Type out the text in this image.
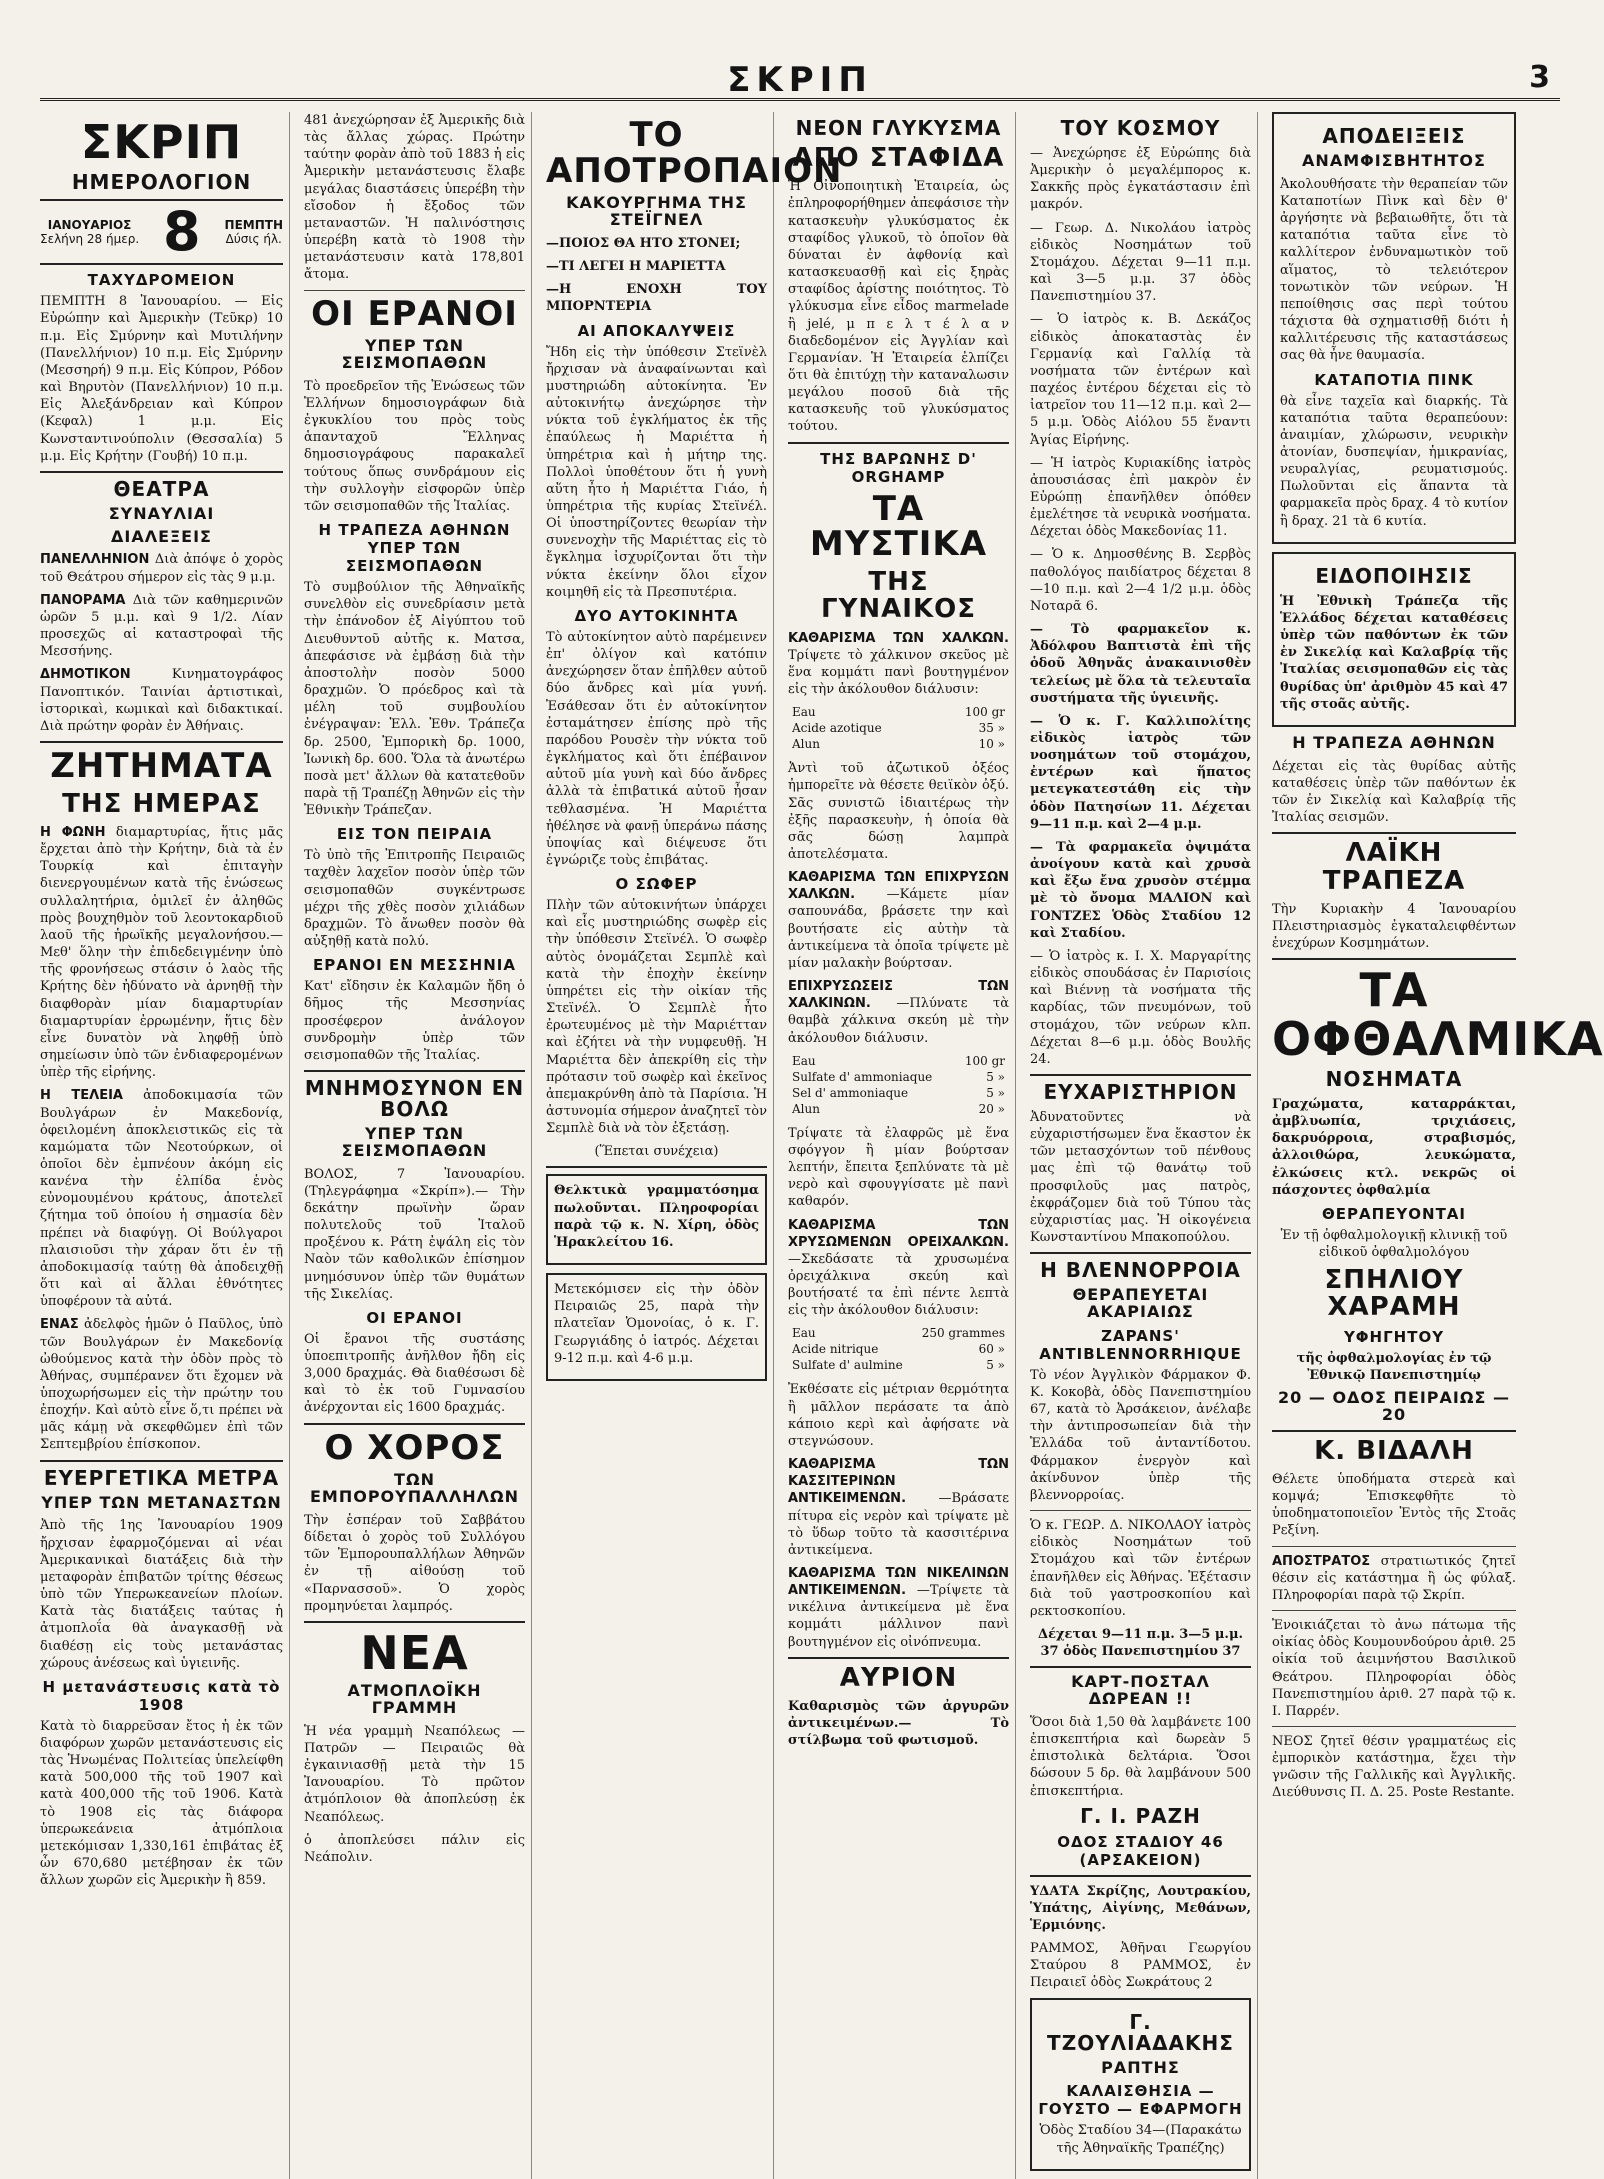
ΣΚΡΙΠ	3
ΣΚΡΙΠ
ΗΜΕΡΟΛΟΓΙΟΝ
ΙΑΝΟΥΑΡΙΟΣ
Σελήνη 28 ήμερ. 8 ΠΕΜΠΤΗ
Δύσις ήλ.
ΤΑΧΥΔΡΟΜΕΙΟΝ

ΠΕΜΠΤΗ 8 Ἰανουαρίου. — Εἰς Εὐρώπην καὶ Ἀμερικὴν (Τεῦκρ) 10 π.μ. Εἰς Σμύρνην καὶ Μυτιλήνην (Πανελλήνιον) 10 π.μ. Εἰς Σμύρνην (Μεσσηρή) 9 π.μ. Εἰς Κύπρον, Ρόδον καὶ Βηρυτὸν (Πανελλήνιον) 10 π.μ. Εἰς Ἀλεξάνδρειαν καὶ Κύπρον (Κεφαλ) 1 μ.μ. Εἰς Κωνσταντινούπολιν (Θεσσαλία) 5 μ.μ. Εἰς Κρήτην (Γουβή) 10 π.μ.

ΘΕΑΤΡΑ
ΣΥΝΑΥΛΙΑΙ
ΔΙΑΛΕΞΕΙΣ

ΠΑΝΕΛΛΗΝΙΟΝ Διὰ ἀπόψε ὁ χορὸς τοῦ Θεάτρου σήμερον εἰς τὰς 9 μ.μ.

ΠΑΝΟΡΑΜΑ Διὰ τῶν καθημερινῶν ὡρῶν 5 μ.μ. καὶ 9 1/2. Λίαν προσεχῶς αἱ καταστροφαὶ τῆς Μεσσήνης.

ΔΗΜΟΤΙΚΟΝ	Κινηματογράφος Πανοπτικόν. Ταινίαι ἀρτιστικαὶ, ἱστορικαὶ, κωμικαὶ καὶ διδακτικαί. Διὰ πρώτην φορὰν ἐν Ἀθήναις.

ΖΗΤΗΜΑΤΑ
ΤΗΣ ΗΜΕΡΑΣ

Η ΦΩΝΗ διαμαρτυρίας, ἥτις μᾶς ἔρχεται ἀπὸ τὴν Κρήτην, διὰ τὰ ἐν Τουρκίᾳ καὶ ἐπιταγὴν διενεργουμένων κατὰ τῆς ἑνώσεως συλλαλητήρια, ὁμιλεῖ ἐν ἀληθῶς πρὸς βουχηθμὸν τοῦ λεοντοκαρδιοῦ λαοῦ τῆς ἡρωϊκῆς μεγαλονήσου.—Μεθ' ὅλην τὴν ἐπιδεδειγμένην ὑπὸ τῆς φρονήσεως στάσιν ὁ λαὸς τῆς Κρήτης δὲν ἠδύνατο νὰ ἀρνηθῇ τὴν διαφθορὰν μίαν διαμαρτυρίαν διαμαρτυρίαν ἐρρωμένην, ἥτις δὲν εἶνε δυνατὸν νὰ ληφθῇ ὑπὸ σημείωσιν ὑπὸ τῶν ἐνδιαφερομένων ὑπὲρ τῆς εἰρήνης.

Η ΤΕΛΕΙΑ ἀποδοκιμασία τῶν Βουλγάρων ἐν Μακεδονίᾳ, ὀφειλομένη ἀποκλειστικῶς εἰς τὰ καμώματα τῶν Νεοτούρκων, οἱ ὁποῖοι δὲν ἐμπνέουν ἀκόμη εἰς κανένα τὴν ἐλπίδα ἑνὸς εὐνομουμένου κράτους, ἀποτελεῖ ζήτημα τοῦ ὁποίου ἡ σημασία δὲν πρέπει νὰ διαφύγῃ. Οἱ Βούλγαροι πλαισιοῦσι τὴν χάραν ὅτι ἐν τῇ ἀποδοκιμασίᾳ ταύτῃ θὰ ἀποδειχθῇ ὅτι καὶ αἱ ἄλλαι ἐθνότητες ὑποφέρουν τὰ αὐτά.

ΕΝΑΣ ἀδελφὸς ἡμῶν ὁ Παῦλος, ὑπὸ τῶν Βουλγάρων ἐν Μακεδονίᾳ ὠθούμενος κατὰ τὴν ὁδὸν πρὸς τὸ Ἀθήνας, συμπέρανεν ὅτι ἔχομεν νὰ ὑποχωρήσωμεν εἰς τὴν πρώτην του ἐποχήν. Καὶ αὐτὸ εἶνε ὅ,τι πρέπει νὰ μᾶς κάμῃ νὰ σκεφθῶμεν ἐπὶ τῶν Σεπτεμβρίου ἐπίσκοπον.

ΕΥΕΡΓΕΤΙΚΑ ΜΕΤΡΑ
ΥΠΕΡ ΤΩΝ ΜΕΤΑΝΑΣΤΩΝ

Ἀπὸ τῆς 1ης Ἰανουαρίου 1909 ἤρχισαν ἐφαρμοζόμεναι αἱ νέαι Ἀμερικανικαὶ διατάξεις διὰ τὴν μεταφορὰν ἐπιβατῶν τρίτης θέσεως ὑπὸ τῶν Υπερωκεανείων πλοίων. Κατὰ τὰς διατάξεις ταύτας ἡ ἀτμοπλοΐα θὰ ἀναγκασθῇ νὰ διαθέσῃ εἰς τοὺς μετανάστας χώρους ἀνέσεως καὶ ὑγιεινῆς.

Η μετανάστευσις κατὰ τὸ 1908

Κατὰ τὸ διαρρεῦσαν ἔτος ἡ ἐκ τῶν διαφόρων χωρῶν μετανάστευσις εἰς τὰς Ἡνωμένας Πολιτείας ὑπελείφθη κατὰ 500,000 τῆς τοῦ 1907 καὶ κατὰ 400,000 τῆς τοῦ 1906. Κατὰ τὸ 1908 εἰς τὰς διάφορα ὑπερωκεάνεια ἀτμόπλοια μετεκόμισαν 1,330,161 ἐπιβάτας ἐξ ὧν 670,680 μετέβησαν ἐκ τῶν ἄλλων χωρῶν εἰς Ἀμερικὴν ἢ 859.

481 ἀνεχώρησαν ἐξ Ἀμερικῆς διὰ τὰς ἄλλας χώρας. Πρώτην ταύτην φορὰν ἀπὸ τοῦ 1883 ἡ εἰς Ἀμερικὴν μετανάστευσις ἔλαβε μεγάλας διαστάσεις ὑπερέβη τὴν εἴσοδον ἡ ἔξοδος τῶν μεταναστῶν. Ἡ παλινόστησις ὑπερέβη κατὰ τὸ 1908 τὴν μετανάστευσιν κατὰ 178,801 ἄτομα.

ΟΙ ΕΡΑΝΟΙ
ΥΠΕΡ ΤΩΝ ΣΕΙΣΜΟΠΑΘΩΝ

Τὸ προεδρεῖον τῆς Ἑνώσεως τῶν Ἑλλήνων δημοσιογράφων διὰ ἐγκυκλίου του πρὸς τοὺς ἁπανταχοῦ Ἕλληνας δημοσιογράφους παρακαλεῖ τούτους ὅπως συνδράμουν εἰς τὴν συλλογὴν εἰσφορῶν ὑπὲρ τῶν σεισμοπαθῶν τῆς Ἰταλίας.

Η ΤΡΑΠΕΖΑ ΑΘΗΝΩΝ ΥΠΕΡ ΤΩΝ ΣΕΙΣΜΟΠΑΘΩΝ

Τὸ συμβούλιον τῆς Ἀθηναϊκῆς συνελθὸν εἰς συνεδρίασιν μετὰ τὴν ἐπάνοδον ἐξ Αἰγύπτου τοῦ Διευθυντοῦ αὐτῆς κ. Ματσα, ἀπεφάσισε νὰ ἐμβάσῃ διὰ τὴν ἀποστολὴν ποσὸν 5000 δραχμῶν. Ὁ πρόεδρος καὶ τὰ μέλη τοῦ συμβουλίου ἐνέγραψαν: Ἑλλ. Ἐθν. Τράπεζα δρ. 2500, Ἐμπορικὴ δρ. 1000, Ἰωνικὴ δρ. 600. Ὅλα τὰ ἀνωτέρω ποσὰ μετ' ἄλλων θὰ κατατεθοῦν παρὰ τῇ Τραπέζῃ Ἀθηνῶν εἰς τὴν Ἐθνικὴν Τράπεζαν.

ΕΙΣ ΤΟΝ ΠΕΙΡΑΙΑ

Τὸ ὑπὸ τῆς Ἐπιτροπῆς Πειραιῶς ταχθὲν λαχεῖον ποσὸν ὑπὲρ τῶν σεισμοπαθῶν συγκέντρωσε μέχρι τῆς χθὲς ποσὸν χιλιάδων δραχμῶν. Τὸ ἄνωθεν ποσὸν θὰ αὐξηθῇ κατὰ πολύ.

ΕΡΑΝΟΙ ΕΝ ΜΕΣΣΗΝΙΑ

Κατ' εἴδησιν ἐκ Καλαμῶν ἤδη ὁ δῆμος τῆς Μεσσηνίας προσέφερον ἀνάλογον συνδρομὴν ὑπὲρ τῶν σεισμοπαθῶν τῆς Ἰταλίας.

ΜΝΗΜΟΣΥΝΟΝ ΕΝ ΒΟΛΩ
ΥΠΕΡ ΤΩΝ ΣΕΙΣΜΟΠΑΘΩΝ

ΒΟΛΟΣ, 7 Ἰανουαρίου. (Τηλεγράφημα «Σκρίπ»).— Τὴν δεκάτην πρωϊνὴν ὥραν πολυτελοῦς τοῦ Ἰταλοῦ προξένου κ. Ράτη ἐψάλη εἰς τὸν Ναὸν τῶν καθολικῶν ἐπίσημον μνημόσυνον ὑπὲρ τῶν θυμάτων τῆς Σικελίας.

ΟΙ ΕΡΑΝΟΙ

Οἱ ἔρανοι τῆς συστάσης ὑποεπιτροπῆς ἀνῆλθον ἤδη εἰς 3,000 δραχμάς. Θὰ διαθέσωσι δὲ καὶ τὸ ἐκ τοῦ Γυμνασίου ἀνέρχονται εἰς 1600 δραχμάς.

Ο ΧΟΡΟΣ
ΤΩΝ ΕΜΠΟΡΟΥΠΑΛΛΗΛΩΝ

Τὴν ἑσπέραν τοῦ Σαββάτου δίδεται ὁ χορὸς τοῦ Συλλόγου τῶν Ἐμπορουπαλλήλων Ἀθηνῶν ἐν τῇ αἰθούσῃ τοῦ «Παρνασσοῦ». Ὁ χορὸς προμηνύεται λαμπρός.

ΝΕΑ
ΑΤΜΟΠΛΟΪΚΗ ΓΡΑΜΜΗ

Ἡ νέα γραμμὴ Νεαπόλεως — Πατρῶν — Πειραιῶς θὰ ἐγκαινιασθῇ μετὰ τὴν 15 Ἰανουαρίου. Τὸ πρῶτον ἀτμόπλοιον θὰ ἀποπλεύσῃ ἐκ Νεαπόλεως.

ὁ ἀποπλεύσει πάλιν εἰς Νεάπολιν.

ΤΟ ΑΠΟΤΡΟΠΑΙΟΝ
ΚΑΚΟΥΡΓΗΜΑ ΤΗΣ ΣΤΕΪΓΝΕΛ

—ΠΟΙΟΣ ΘΑ ΗΤΟ ΣΤΟΝΕΙ;

—ΤΙ ΛΕΓΕΙ Η ΜΑΡΙΕΤΤΑ

—Η ΕΝΟΧΗ ΤΟΥ ΜΠΟΡΝΤΕΡΙΑ

ΑΙ ΑΠΟΚΑΛΥΨΕΙΣ

Ἤδη εἰς τὴν ὑπόθεσιν Στεϊνὲλ ἤρχισαν νὰ ἀναφαίνωνται καὶ μυστηριώδη αὐτοκίνητα. Ἐν αὐτοκινήτῳ ἀνεχώρησε τὴν νύκτα τοῦ ἐγκλήματος ἐκ τῆς ἐπαύλεως ἡ Μαριέττα ἡ ὑπηρέτρια καὶ ἡ μήτηρ της. Πολλοὶ ὑποθέτουν ὅτι ἡ γυνὴ αὕτη ἦτο ἡ Μαριέττα Γιάο, ἡ ὑπηρέτρια τῆς κυρίας Στεϊνέλ. Οἱ ὑποστηρίζοντες θεωρίαν τὴν συνενοχὴν τῆς Μαριέττας εἰς τὸ ἔγκλημα ἰσχυρίζονται ὅτι τὴν νύκτα ἐκείνην ὅλοι εἶχον κοιμηθῆ εἰς τὰ Πρεσπυτέρια.

ΔΥΟ ΑΥΤΟΚΙΝΗΤΑ

Τὸ αὐτοκίνητον αὐτὸ παρέμεινεν ἐπ' ὀλίγον καὶ κατόπιν ἀνεχώρησεν ὅταν ἐπῆλθεν αὐτοῦ δύο ἄνδρες καὶ μία γυνή. Ἐσάθεσαν ὅτι ἐν αὐτοκίνητον ἐσταμάτησεν ἐπίσης πρὸ τῆς παρόδου Ρουσὲν τὴν νύκτα τοῦ ἐγκλήματος καὶ ὅτι ἐπέβαινον αὐτοῦ μία γυνὴ καὶ δύο ἄνδρες ἀλλὰ τὰ ἐπιβατικά αὐτοῦ ἦσαν τεθλασμένα. Ἡ Μαριέττα ἠθέλησε νὰ φανῇ ὑπεράνω πάσης ὑποψίας καὶ διέψευσε ὅτι ἐγνώριζε τοὺς ἐπιβάτας.

Ο ΣΩΦΕΡ

Πλὴν τῶν αὐτοκινήτων ὑπάρχει καὶ εἷς μυστηριώδης σωφὲρ εἰς τὴν ὑπόθεσιν Στεϊνέλ. Ὁ σωφὲρ αὐτὸς ὀνομάζεται Σεμπλὲ καὶ κατὰ τὴν ἐποχὴν ἐκείνην ὑπηρέτει εἰς τὴν οἰκίαν τῆς Στεϊνέλ. Ὁ Σεμπλὲ ἦτο ἐρωτευμένος μὲ τὴν Μαριέτταν καὶ ἐζήτει νὰ τὴν νυμφευθῇ. Ἡ Μαριέττα δὲν ἀπεκρίθη εἰς τὴν πρότασιν τοῦ σωφὲρ καὶ ἐκεῖνος ἀπεμακρύνθη ἀπὸ τὰ Παρίσια. Ἡ ἀστυνομία σήμερον ἀναζητεῖ τὸν Σεμπλὲ διὰ νὰ τὸν ἐξετάσῃ.

(Ἕπεται συνέχεια)

Θελκτικὰ γραμματόσημα πωλοῦνται. Πληροφορίαι παρὰ τῷ κ. Ν. Χίρη, ὁδὸς Ἡρακλείτου 16.

Μετεκόμισεν εἰς τὴν ὁδὸν Πειραιῶς 25, παρὰ τὴν πλατεῖαν Ὁμονοίας, ὁ κ. Γ. Γεωργιάδης ὁ ἰατρός. Δέχεται 9-12 π.μ. καὶ 4-6 μ.μ.

ΝΕΟΝ ΓΛΥΚΥΣΜΑ
ΑΠΟ ΣΤΑΦΙΔΑ

Ἡ Οἰνοποιητικὴ Ἑταιρεία, ὡς ἐπληροφορήθημεν ἀπεφάσισε τὴν κατασκευὴν γλυκύσματος ἐκ σταφίδος γλυκοῦ, τὸ ὁποῖον θὰ δύναται ἐν ἀφθονίᾳ καὶ κατασκευασθῇ καὶ εἰς ξηρὰς σταφίδος ἀρίστης ποιότητος. Τὸ γλύκυσμα εἶνε εἶδος marmelade ἢ jelé, μ π ε λ τ έ λ α ν διαδεδομένον εἰς Ἀγγλίαν καὶ Γερμανίαν. Ἡ Ἑταιρεία ἐλπίζει ὅτι θὰ ἐπιτύχῃ τὴν καταναλωσιν μεγάλου ποσοῦ διὰ τῆς κατασκευῆς τοῦ γλυκύσματος τούτου.

ΤΗΣ ΒΑΡΩΝΗΣ D' ORGHAMP
ΤΑ ΜΥΣΤΙΚΑ
ΤΗΣ ΓΥΝΑΙΚΟΣ

ΚΑΘΑΡΙΣΜΑ ΤΩΝ ΧΑΛΚΩΝ. Τρίψετε τὸ χάλκινον σκεῦος μὲ ἕνα κομμάτι πανὶ βουτηγμένον εἰς τὴν ἀκόλουθον διάλυσιν:

Eau	100 gr
Acide azotique	35 »
Alun	10 »

Ἀντὶ τοῦ ἀζωτικοῦ ὀξέος ἠμπορεῖτε νὰ θέσετε θειϊκὸν ὀξύ. Σᾶς συνιστῶ ἰδιαιτέρως τὴν ἐξῆς παρασκευὴν, ἡ ὁποία θὰ σᾶς δώσῃ λαμπρὰ ἀποτελέσματα.

ΚΑΘΑΡΙΣΜΑ ΤΩΝ ΕΠΙΧΡΥΣΩΝ ΧΑΛΚΩΝ. —Κάμετε μίαν σαπουνάδα, βράσετε την καὶ βουτήσατε εἰς αὐτὴν τὰ ἀντικείμενα τὰ ὁποῖα τρίψετε μὲ μίαν μαλακὴν βούρτσαν.

ΕΠΙΧΡΥΣΩΣΕΙΣ ΤΩΝ ΧΑΛΚΙΝΩΝ. —Πλύνατε τὰ θαμβὰ χάλκινα σκεύη μὲ τὴν ἀκόλουθον διάλυσιν.

Eau	100 gr
Sulfate d' ammoniaque	5 »
Sel d' ammoniaque	5 »
Alun	20 »

Τρίψατε τὰ ἐλαφρῶς μὲ ἕνα σφόγγον ἢ μίαν βούρτσαν λεπτήν, ἔπειτα ξεπλύνατε τὰ μὲ νερὸ καὶ σφουγγίσατε μὲ πανὶ καθαρόν.

ΚΑΘΑΡΙΣΜΑ ΤΩΝ ΧΡΥΣΩΜΕΝΩΝ ΟΡΕΙΧΑΛΚΩΝ. —Σκεδάσατε τὰ χρυσωμένα ὀρειχάλκινα σκεύη καὶ βουτήσατέ τα ἐπὶ πέντε λεπτὰ εἰς τὴν ἀκόλουθον διάλυσιν:

Eau	250 grammes
Acide nitrique	60 »
Sulfate d' aulmine	5 »

Ἐκθέσατε εἰς μέτριαν θερμότητα ἢ μᾶλλον περάσατε τα ἀπὸ κάποιο κερὶ καὶ ἀφήσατε νὰ στεγνώσουν.

ΚΑΘΑΡΙΣΜΑ ΤΩΝ ΚΑΣΣΙΤΕΡΙΝΩΝ ΑΝΤΙΚΕΙΜΕΝΩΝ. —Βράσατε πίτυρα εἰς νερὸν καὶ τρίψατε μὲ τὸ ὕδωρ τοῦτο τὰ κασσιτέρινα ἀντικείμενα.

ΚΑΘΑΡΙΣΜΑ ΤΩΝ ΝΙΚΕΛΙΝΩΝ ΑΝΤΙΚΕΙΜΕΝΩΝ. —Τρίψετε τὰ νικέλινα ἀντικείμενα μὲ ἕνα κομμάτι μάλλινον πανὶ βουτηγμένον εἰς οἰνόπνευμα.

ΑΥΡΙΟΝ

Καθαρισμὸς τῶν ἀργυρῶν ἀντικειμένων.— Τὸ στίλβωμα τοῦ φωτισμοῦ.

ΤΟΥ ΚΟΣΜΟΥ

— Ἀνεχώρησε ἐξ Εὐρώπης διὰ Ἀμερικὴν ὁ μεγαλέμπορος κ. Σακκῆς πρὸς ἐγκατάστασιν ἐπὶ μακρόν.

— Γεωρ. Δ. Νικολάου ἰατρὸς εἰδικὸς Νοσημάτων τοῦ Στομάχου. Δέχεται 9—11 π.μ. καὶ 3—5 μ.μ. 37 ὁδὸς Πανεπιστημίου 37.

— Ὁ ἰατρὸς κ. Β. Δεκάζος εἰδικὸς ἀποκαταστὰς ἐν Γερμανίᾳ καὶ Γαλλίᾳ τὰ νοσήματα τῶν ἐντέρων καὶ παχέος ἐντέρου δέχεται εἰς τὸ ἰατρεῖον του 11—12 π.μ. καὶ 2—5 μ.μ. Ὁδὸς Αἰόλου 55 ἔναντι Ἁγίας Εἰρήνης.

— Ἡ ἰατρὸς Κυριακίδης ἰατρὸς ἀπουσιάσας ἐπὶ μακρὸν ἐν Εὐρώπῃ ἐπανῆλθεν ὁπόθεν ἐμελέτησε τὰ νευρικὰ νοσήματα. Δέχεται ὁδὸς Μακεδονίας 11.

— Ὁ κ. Δημοσθένης Β. Σερβὸς παθολόγος παιδίατρος δέχεται 8—10 π.μ. καὶ 2—4 1/2 μ.μ. ὁδὸς Νοταρᾶ 6.

— Τὸ φαρμακεῖον κ. Ἀδόλφου Βαπτιστὰ ἐπὶ τῆς ὁδοῦ Ἀθηνᾶς ἀνακαινισθὲν τελείως μὲ ὅλα τὰ τελευταῖα συστήματα τῆς ὑγιεινῆς.

— Ὁ κ. Γ. Καλλιπολίτης εἰδικὸς ἰατρὸς τῶν νοσημάτων τοῦ στομάχου, ἐντέρων καὶ ἥπατος μετεγκατεστάθη εἰς τὴν ὁδὸν Πατησίων 11. Δέχεται 9—11 π.μ. καὶ 2—4 μ.μ.

— Τὰ φαρμακεῖα ὀψιμάτα ἀνοίγουν κατὰ καὶ χρυσὰ καὶ ἔξω ἔνα χρυσὸν στέμμα μὲ τὸ ὄνομα ΜΑΛΙΟΝ καὶ ΓΟΝΤΖΕΣ Ὁδὸς Σταδίου 12 καὶ Σταδίου.

— Ὁ ἰατρὸς κ. Ι. Χ. Μαργαρίτης εἰδικὸς σπουδάσας ἐν Παρισίοις καὶ Βιέννῃ τὰ νοσήματα τῆς καρδίας, τῶν πνευμόνων, τοῦ στομάχου, τῶν νεύρων κλπ. Δέχεται 8—6 μ.μ. ὁδὸς Βουλῆς 24.

ΕΥΧΑΡΙΣΤΗΡΙΟΝ

Ἀδυνατοῦντες νὰ εὐχαριστήσωμεν ἕνα ἕκαστον ἐκ τῶν μετασχόντων τοῦ πένθους μας ἐπὶ τῷ θανάτῳ τοῦ προσφιλοῦς μας πατρὸς, ἐκφράζομεν διὰ τοῦ Τύπου τὰς εὐχαριστίας μας. Ἡ οἰκογένεια Κωνσταντίνου Μπακοπούλου.

Η ΒΛΕΝΝΟΡΡΟΙΑ
ΘΕΡΑΠΕΥΕΤΑΙ ΑΚΑΡΙΑΙΩΣ
ZAPANS' ANTIBLENNORRHIQUE

Τὸ νέον Ἀγγλικὸν Φάρμακον Φ. Κ. Κοκοβὰ, ὁδὸς Πανεπιστημίου 67, κατὰ τὸ Ἀρσάκειον, ἀνέλαβε τὴν ἀντιπροσωπείαν διὰ τὴν Ἑλλάδα τοῦ ἀνταντίδοτου. Φάρμακον ἐνεργὸν καὶ ἀκίνδυνον ὑπὲρ τῆς βλεννορροίας.

Ὁ κ. ΓΕΩΡ. Δ. ΝΙΚΟΛΑΟΥ ἰατρὸς εἰδικὸς Νοσημάτων τοῦ Στομάχου καὶ τῶν ἐντέρων ἐπανῆλθεν εἰς Ἀθήνας. Ἐξέτασιν διὰ τοῦ γαστροσκοπίου καὶ ρεκτοσκοπίου.

Δέχεται 9—11 π.μ. 3—5 μ.μ. 37 ὁδὸς Πανεπιστημίου 37

ΚΑΡΤ-ΠΟΣΤΑΛ ΔΩΡΕΑΝ !!

Ὅσοι διὰ 1,50 θὰ λαμβάνετε 100 ἐπισκεπτήρια καὶ δωρεὰν 5 ἐπιστολικὰ δελτάρια. Ὅσοι δώσουν 5 δρ. θὰ λαμβάνουν 500 ἐπισκεπτήρια.

Γ. Ι. ΡΑΖΗ
ΟΔΟΣ ΣΤΑΔΙΟΥ 46 (ΑΡΣΑΚΕΙΟΝ)

ΥΔΑΤΑ Σκρίζης, Λουτρακίου, Ὑπάτης, Αἰγίνης, Μεθάνων, Ἑρμιόνης.

ΡΑΜΜΟΣ, Ἀθῆναι Γεωργίου Σταύρου 8 ΡΑΜΜΟΣ, ἐν Πειραιεῖ ὁδὸς Σωκράτους 2

Γ. ΤΖΟΥΛΙΑΔΑΚΗΣ
ΡΑΠΤΗΣ
ΚΑΛΑΙΣΘΗΣΙΑ — ΓΟΥΣΤΟ — ΕΦΑΡΜΟΓΗ

Ὁδὸς Σταδίου 34—(Παρακάτω τῆς Ἀθηναϊκῆς Τραπέζης)

ΑΠΟΔΕΙΞΕΙΣ
ΑΝΑΜΦΙΣΒΗΤΗΤΟΣ

Ἀκολουθήσατε τὴν θεραπείαν τῶν Καταποτίων Πὶνκ καὶ δὲν θ' ἀργήσητε νὰ βεβαιωθῆτε, ὅτι τὰ καταπότια ταῦτα εἶνε τὸ καλλίτερον ἐνδυναμωτικὸν τοῦ αἵματος, τὸ τελειότερον τονωτικὸν τῶν νεύρων. Ἡ πεποίθησις σας περὶ τούτου τάχιστα θὰ σχηματισθῇ διότι ἡ καλλιτέρευσις τῆς καταστάσεως σας θὰ ἦνε θαυμασία.

ΚΑΤΑΠΟΤΙΑ ΠΙΝΚ

θὰ εἶνε ταχεῖα καὶ διαρκής. Τὰ καταπότια ταῦτα θεραπεύουν: ἀναιμίαν, χλώρωσιν, νευρικὴν ἀτονίαν, δυσπεψίαν, ἡμικρανίας, νευραλγίας, ρευματισμούς. Πωλοῦνται εἰς ἅπαντα τὰ φαρμακεῖα πρὸς δραχ. 4 τὸ κυτίον ἢ δραχ. 21 τὰ 6 κυτία.

ΕΙΔΟΠΟΙΗΣΙΣ

Ἡ Ἐθνικὴ Τράπεζα τῆς Ἑλλάδος δέχεται καταθέσεις ὑπὲρ τῶν παθόντων ἐκ τῶν ἐν Σικελίᾳ καὶ Καλαβρίᾳ τῆς Ἰταλίας σεισμοπαθῶν εἰς τὰς θυρίδας ὑπ' ἀριθμὸν 45 καὶ 47 τῆς στοᾶς αὐτῆς.

Η ΤΡΑΠΕΖΑ ΑΘΗΝΩΝ

Δέχεται εἰς τὰς θυρίδας αὐτῆς καταθέσεις ὑπὲρ τῶν παθόντων ἐκ τῶν ἐν Σικελίᾳ καὶ Καλαβρίᾳ τῆς Ἰταλίας σεισμῶν.

ΛΑΪΚΗ ΤΡΑΠΕΖΑ

Τὴν Κυριακὴν 4 Ἰανουαρίου Πλειστηριασμὸς ἐγκαταλειφθέντων ἐνεχύρων Κοσμημάτων.

ΤΑ ΟΦΘΑΛΜΙΚΑ
ΝΟΣΗΜΑΤΑ

Γραχώματα, καταρράκται, ἀμβλυωπία, τριχιάσεις, δακρυόρροια, στραβισμός, ἀλλοιθώρα, λευκώματα, ἐλκώσεις κτλ. νεκρῶς οἱ πάσχοντες ὀφθαλμία

ΘΕΡΑΠΕΥΟΝΤΑΙ

Ἐν τῇ ὀφθαλμολογικῇ κλινικῇ τοῦ εἰδικοῦ ὀφθαλμολόγου

ΣΠΗΛΙΟΥ ΧΑΡΑΜΗ
ΥΦΗΓΗΤΟΥ

τῆς ὀφθαλμολογίας ἐν τῷ Ἐθνικῷ Πανεπιστημίῳ

20 — ΟΔΟΣ ΠΕΙΡΑΙΩΣ — 20
Κ. ΒΙΔΑΛΗ

Θέλετε ὑποδήματα στερεὰ καὶ κομψά; Ἐπισκεφθῆτε τὸ ὑποδηματοποιεῖον Ἐντὸς τῆς Στοᾶς Ρεξίνη.

ΑΠΟΣΤΡΑΤΟΣ στρατιωτικός ζητεῖ θέσιν εἰς κατάστημα ἢ ὡς φύλαξ. Πληροφορίαι παρὰ τῷ Σκρίπ.

Ἐνοικιάζεται τὸ ἀνω πάτωμα τῆς οἰκίας ὁδὸς Κουμουνδούρου ἀριθ. 25 οἰκία τοῦ ἀειμνήστου Βασιλικοῦ Θεάτρου. Πληροφορίαι ὁδὸς Πανεπιστημίου ἀριθ. 27 παρὰ τῷ κ. Ι. Παρρέν.

ΝΕΟΣ ζητεῖ θέσιν γραμματέως εἰς ἐμπορικὸν κατάστημα, ἔχει τὴν γνῶσιν τῆς Γαλλικῆς καὶ Ἀγγλικῆς. Διεύθυνσις Π. Δ. 25. Poste Restante.
